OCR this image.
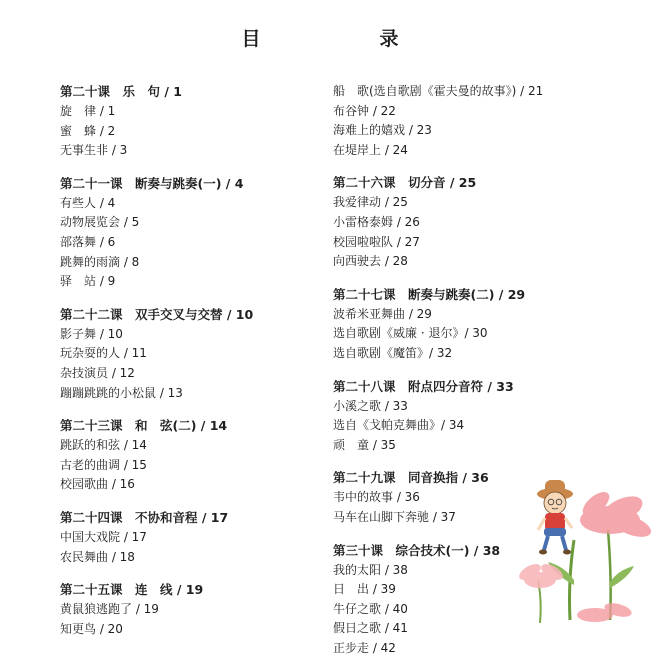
目　录
第二十课　乐　句 / 1
旋　律 / 1
蜜　蜂 / 2
无事生非 / 3
第二十一课　断奏与跳奏(一) / 4
有些人 / 4
动物展览会 / 5
部落舞 / 6
跳舞的雨滴 / 8
驿　站 / 9
第二十二课　双手交叉与交替 / 10
影子舞 / 10
玩杂耍的人 / 11
杂技演员 / 12
蹦蹦跳跳的小松鼠 / 13
第二十三课　和　弦(二) / 14
跳跃的和弦 / 14
古老的曲调 / 15
校园歌曲 / 16
第二十四课　不协和音程 / 17
中国大戏院 / 17
农民舞曲 / 18
第二十五课　连　线 / 19
黄鼠狼逃跑了 / 19
知更鸟 / 20
船　歌(选自歌剧《霍夫曼的故事》) / 21
布谷钟 / 22
海难上的嬉戏 / 23
在堤岸上 / 24
第二十六课　切分音 / 25
我爱律动 / 25
小雷格泰姆 / 26
校园啦啦队 / 27
向西驶去 / 28
第二十七课　断奏与跳奏(二) / 29
波希米亚舞曲 / 29
选自歌剧《威廉 · 退尔》/ 30
选自歌剧《魔笛》/ 32
第二十八课　附点四分音符 / 33
小溪之歌 / 33
选自《戈帕克舞曲》/ 34
顽　童 / 35
第二十九课　同音换指 / 36
韦中的故事 / 36
马车在山脚下奔驰 / 37
第三十课　综合技术(一) / 38
我的太阳 / 38
日　出 / 39
牛仔之歌 / 40
假日之歌 / 41
正步走 / 42
